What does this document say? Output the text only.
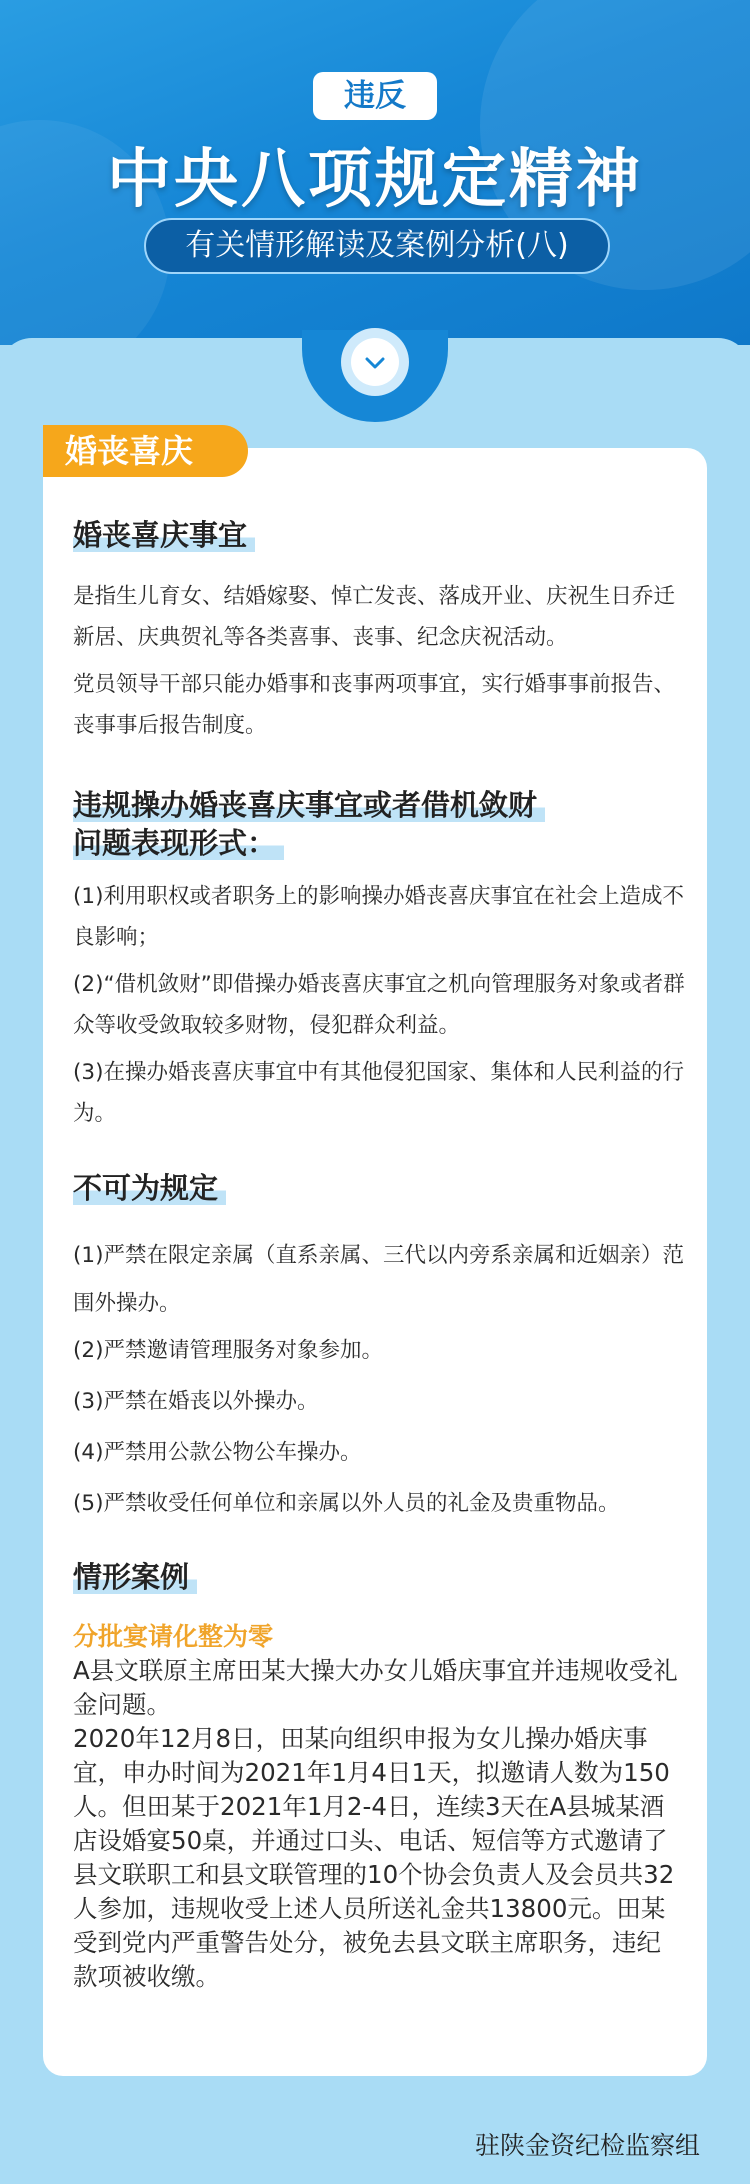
违反
中央八项规定精神
有关情形解读及案例分析(八)
婚丧喜庆
婚丧喜庆事宜
是指生儿育女、结婚嫁娶、悼亡发丧、落成开业、庆祝生日乔迁新居、庆典贺礼等各类喜事、丧事、纪念庆祝活动。
党员领导干部只能办婚事和丧事两项事宜，实行婚事事前报告、丧事事后报告制度。
违规操办婚丧喜庆事宜或者借机敛财
问题表现形式：
(1)利用职权或者职务上的影响操办婚丧喜庆事宜在社会上造成不良影响；
(2)“借机敛财”即借操办婚丧喜庆事宜之机向管理服务对象或者群众等收受敛取较多财物，侵犯群众利益。
(3)在操办婚丧喜庆事宜中有其他侵犯国家、集体和人民利益的行为。
不可为规定
(1)严禁在限定亲属（直系亲属、三代以内旁系亲属和近姻亲）范围外操办。
(2)严禁邀请管理服务对象参加。
(3)严禁在婚丧以外操办。
(4)严禁用公款公物公车操办。
(5)严禁收受任何单位和亲属以外人员的礼金及贵重物品。
情形案例
分批宴请化整为零
A县文联原主席田某大操大办女儿婚庆事宜并违规收受礼金问题。
2020年12月8日，田某向组织申报为女儿操办婚庆事宜，申办时间为2021年1月4日1天，拟邀请人数为150人。但田某于2021年1月2-4日，连续3天在A县城某酒店设婚宴50桌，并通过口头、电话、短信等方式邀请了县文联职工和县文联管理的10个协会负责人及会员共32人参加，违规收受上述人员所送礼金共13800元。田某受到党内严重警告处分，被免去县文联主席职务，违纪款项被收缴。
驻陕金资纪检监察组
